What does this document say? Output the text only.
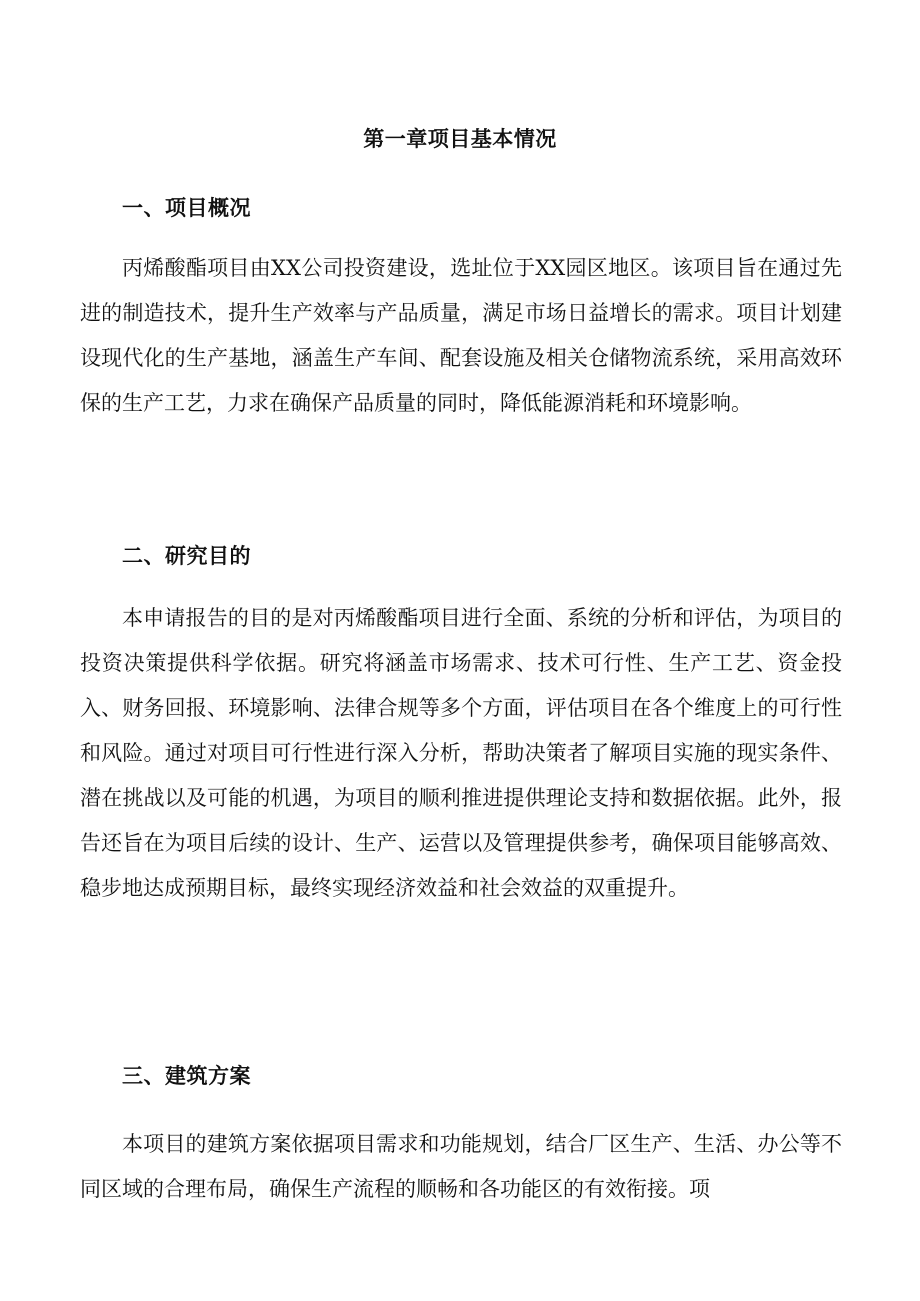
第一章项目基本情况
一、项目概况

丙烯酸酯项目由XX公司投资建设，选址位于XX园区地区。该项目旨在通过先进的制造技术，提升生产效率与产品质量，满足市场日益增长的需求。项目计划建设现代化的生产基地，涵盖生产车间、配套设施及相关仓储物流系统，采用高效环保的生产工艺，力求在确保产品质量的同时，降低能源消耗和环境影响。

二、研究目的

本申请报告的目的是对丙烯酸酯项目进行全面、系统的分析和评估，为项目的投资决策提供科学依据。研究将涵盖市场需求、技术可行性、生产工艺、资金投入、财务回报、环境影响、法律合规等多个方面，评估项目在各个维度上的可行性和风险。通过对项目可行性进行深入分析，帮助决策者了解项目实施的现实条件、潜在挑战以及可能的机遇，为项目的顺利推进提供理论支持和数据依据。此外，报告还旨在为项目后续的设计、生产、运营以及管理提供参考，确保项目能够高效、稳步地达成预期目标，最终实现经济效益和社会效益的双重提升。

三、建筑方案

本项目的建筑方案依据项目需求和功能规划，结合厂区生产、生活、办公等不同区域的合理布局，确保生产流程的顺畅和各功能区的有效衔接。项
